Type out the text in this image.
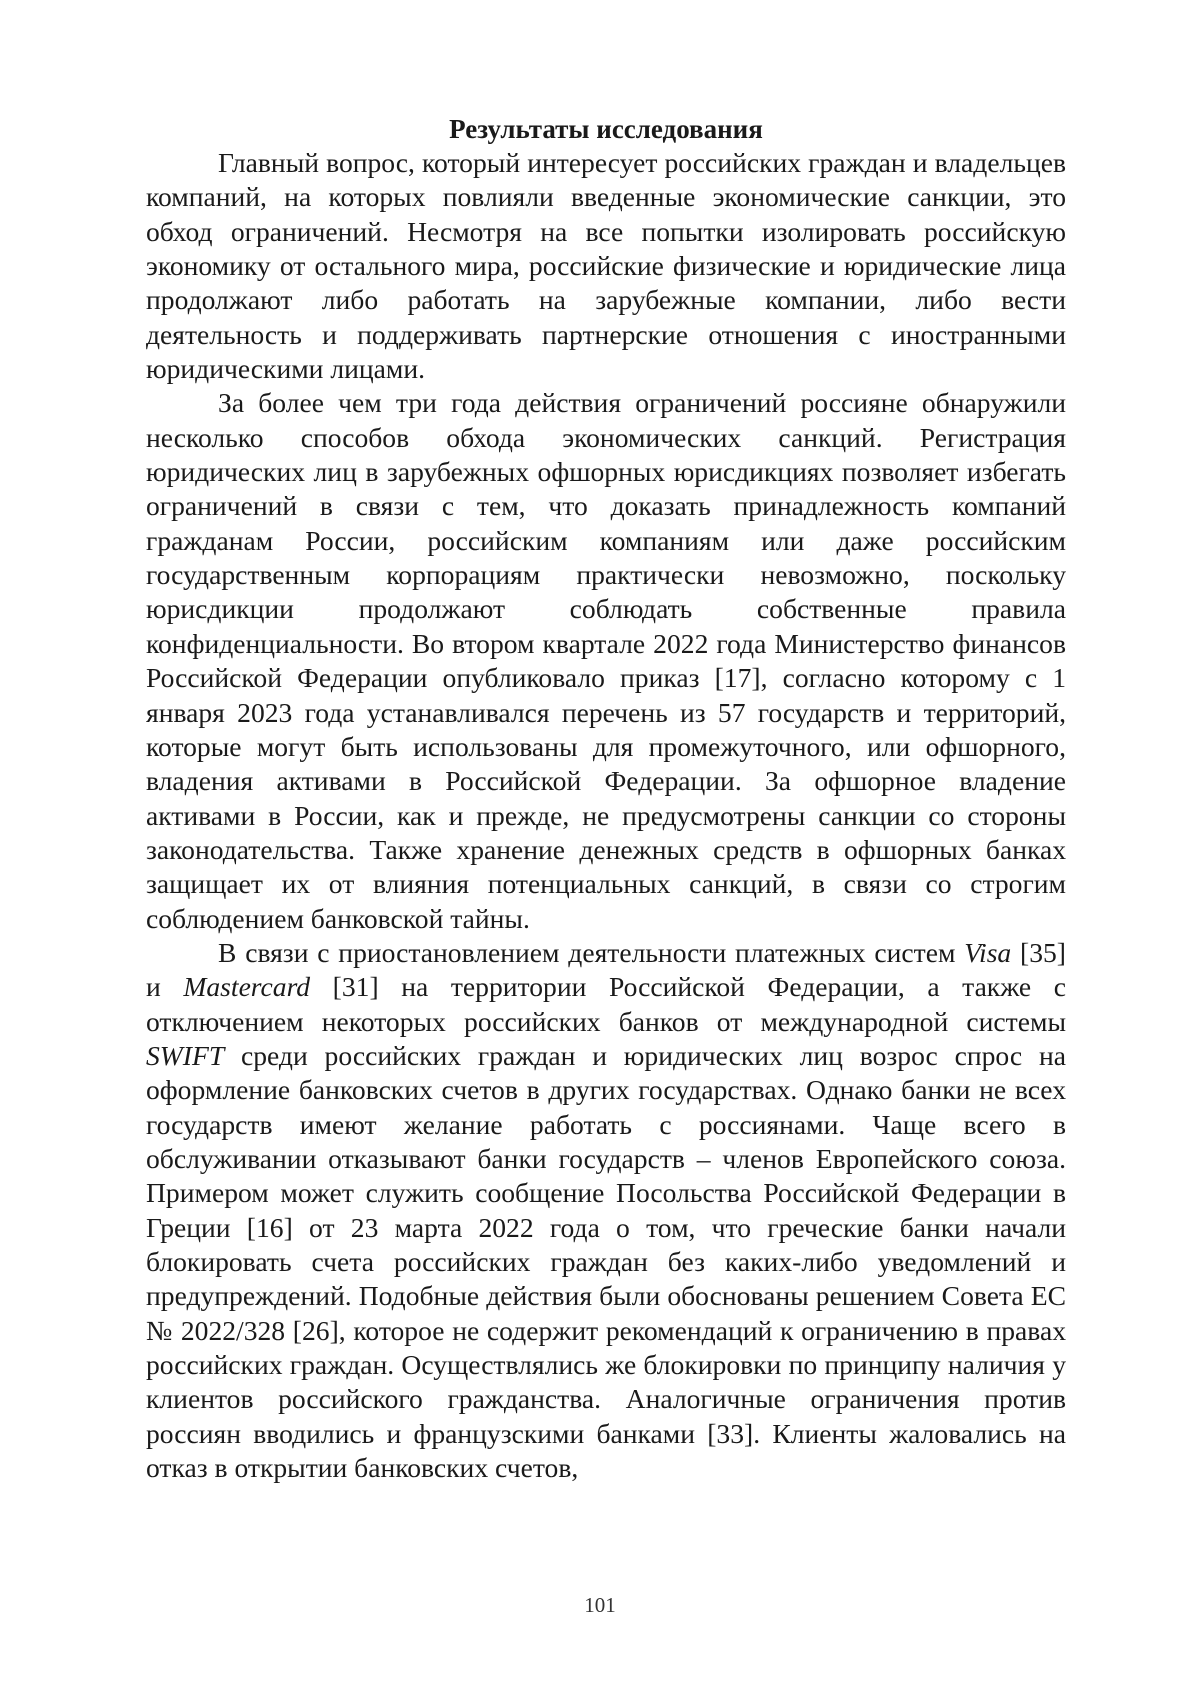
Результаты исследования

Главный вопрос, который интересует российских граждан и владельцев компаний, на которых повлияли введенные экономиче­ские санкции, это обход ограничений. Несмотря на все попытки изо­лировать российскую экономику от остального мира, российские фи­зические и юридические лица продолжают либо работать на зарубежные компании, либо вести деятельность и поддерживать партнерские отношения с иностранными юридическими лицами.

За более чем три года действия ограничений россияне обнару­жили несколько способов обхода экономических санкций. Регистра­ция юридических лиц в зарубежных офшорных юрисдикциях позво­ляет избегать ограничений в связи с тем, что доказать принадлежность компаний гражданам России, российским компаниям или даже российским государственным корпорациям практически не­возможно, поскольку юрисдикции продолжают соблюдать собствен­ные правила конфиденциальности. Во втором квартале 2022 года Ми­нистерство финансов Российской Федерации опубликовало приказ [17], согласно которому с 1 января 2023 года устанавливался перечень из 57 государств и территорий, которые могут быть использованы для промежуточного, или офшорного, владения активами в Российской Федерации. За офшорное владение активами в России, как и прежде, не предусмотрены санкции со стороны законодательства. Также хра­нение денежных средств в офшорных банках защищает их от влияния потенциальных санкций, в связи со строгим соблюдением банковской тайны.

В связи с приостановлением деятельности платежных систем Visa [35] и Mastercard [31] на территории Российской Федерации, а также с отключением некоторых российских банков от междуна­родной системы SWIFT среди российских граждан и юридических лиц возрос спрос на оформление банковских счетов в других государ­ствах. Однако банки не всех государств имеют желание работать с россиянами. Чаще всего в обслуживании отказывают банки госу­дарств – членов Европейского союза. Примером может служить со­общение Посольства Российской Федерации в Греции [16] от 23 мар­та 2022 года о том, что греческие банки начали блокировать счета российских граждан без каких-либо уведомлений и предупреждений. Подобные действия были обоснованы решением Совета ЕС № 2022/328 [26], которое не содержит рекомендаций к ограничению в правах российских граждан. Осуществлялись же блокировки по принципу наличия у клиентов российского гражданства. Аналогич­ные ограничения против россиян вводились и французскими банками [33]. Клиенты жаловались на отказ в открытии банковских счетов,

101
